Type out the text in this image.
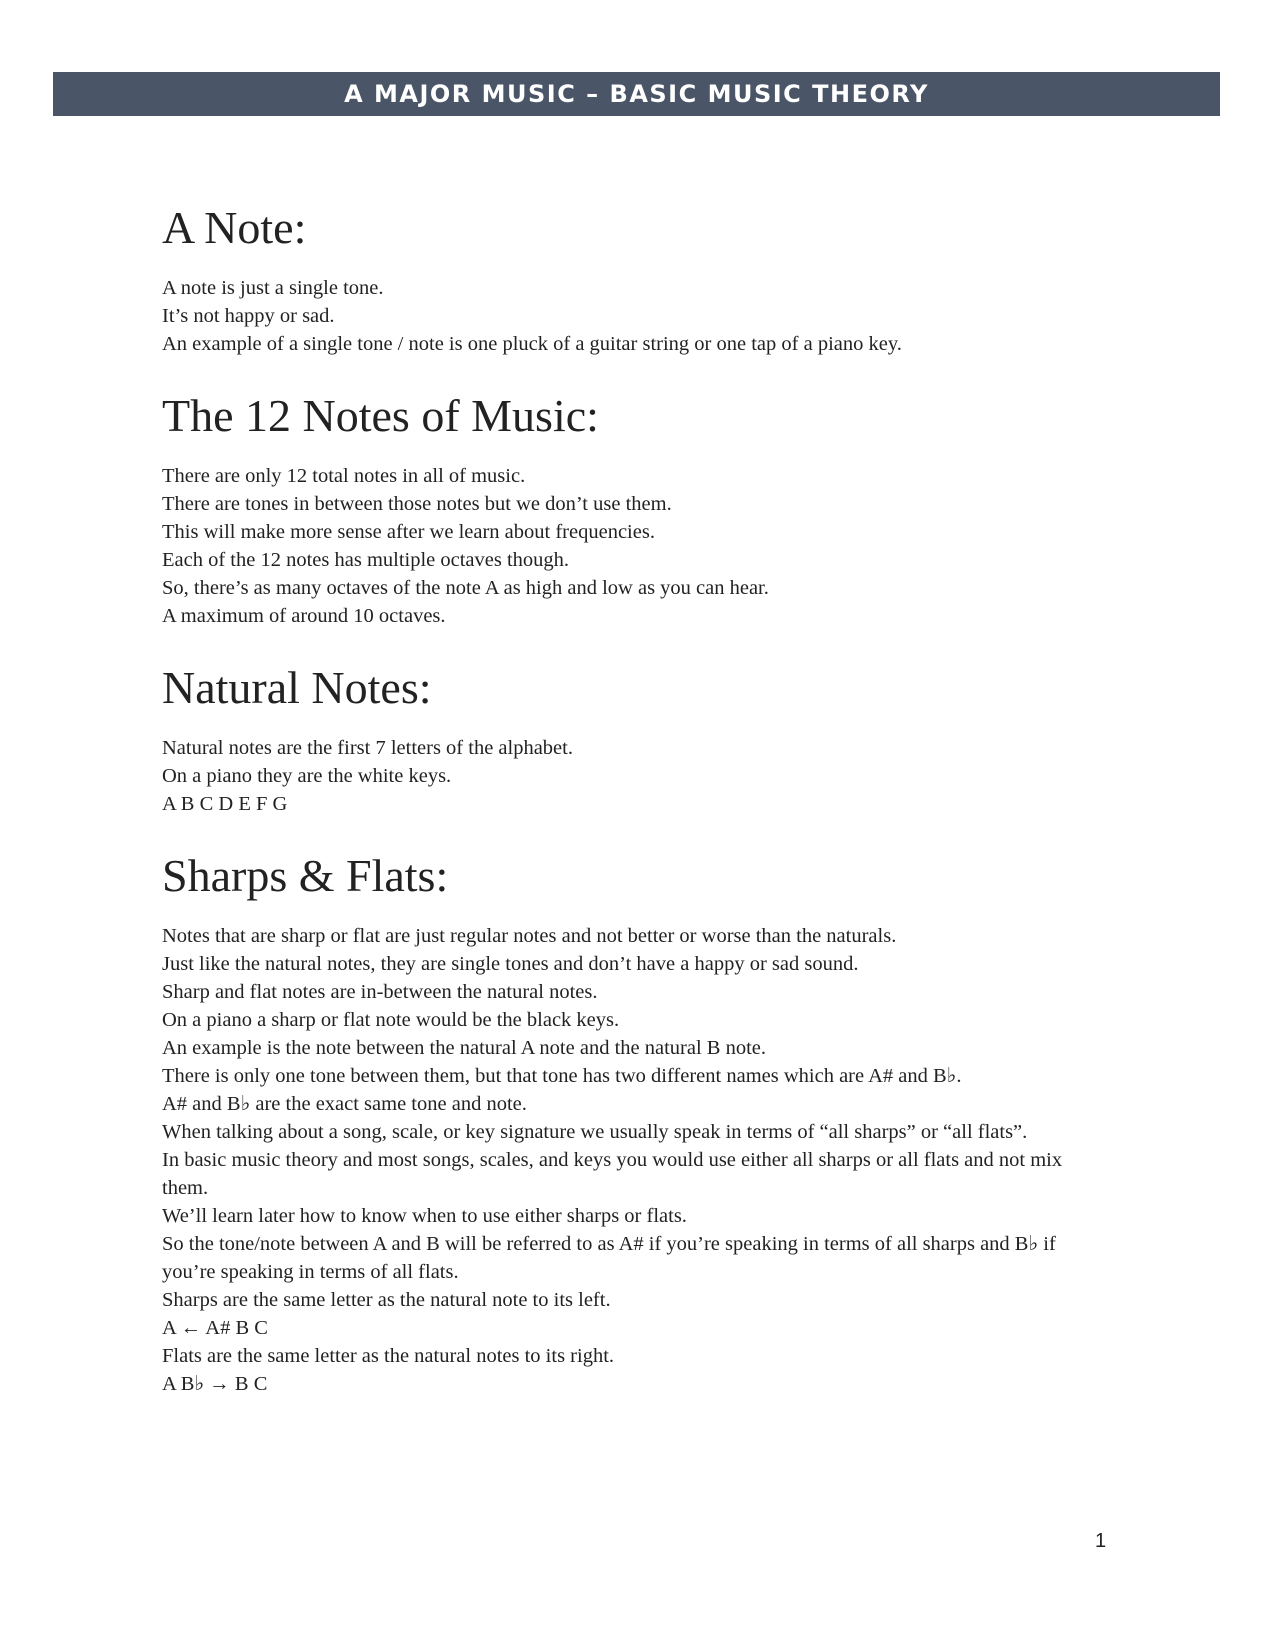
A MAJOR MUSIC – BASIC MUSIC THEORY
A Note:

A note is just a single tone.

It’s not happy or sad.

An example of a single tone / note is one pluck of a guitar string or one tap of a piano key.

The 12 Notes of Music:

There are only 12 total notes in all of music.

There are tones in between those notes but we don’t use them.

This will make more sense after we learn about frequencies.

Each of the 12 notes has multiple octaves though.

So, there’s as many octaves of the note A as high and low as you can hear.

A maximum of around 10 octaves.

Natural Notes:

Natural notes are the first 7 letters of the alphabet.

On a piano they are the white keys.

A B C D E F G

Sharps & Flats:

Notes that are sharp or flat are just regular notes and not better or worse than the naturals.

Just like the natural notes, they are single tones and don’t have a happy or sad sound.

Sharp and flat notes are in-between the natural notes.

On a piano a sharp or flat note would be the black keys.

An example is the note between the natural A note and the natural B note.

There is only one tone between them, but that tone has two different names which are A# and B♭.

A# and B♭ are the exact same tone and note.

When talking about a song, scale, or key signature we usually speak in terms of “all sharps” or “all flats”.

In basic music theory and most songs, scales, and keys you would use either all sharps or all flats and not mix them.

We’ll learn later how to know when to use either sharps or flats.

So the tone/note between A and B will be referred to as A# if you’re speaking in terms of all sharps and B♭ if you’re speaking in terms of all flats.

Sharps are the same letter as the natural note to its left.

A ← A# B C

Flats are the same letter as the natural notes to its right.

A B♭ → B C

1
